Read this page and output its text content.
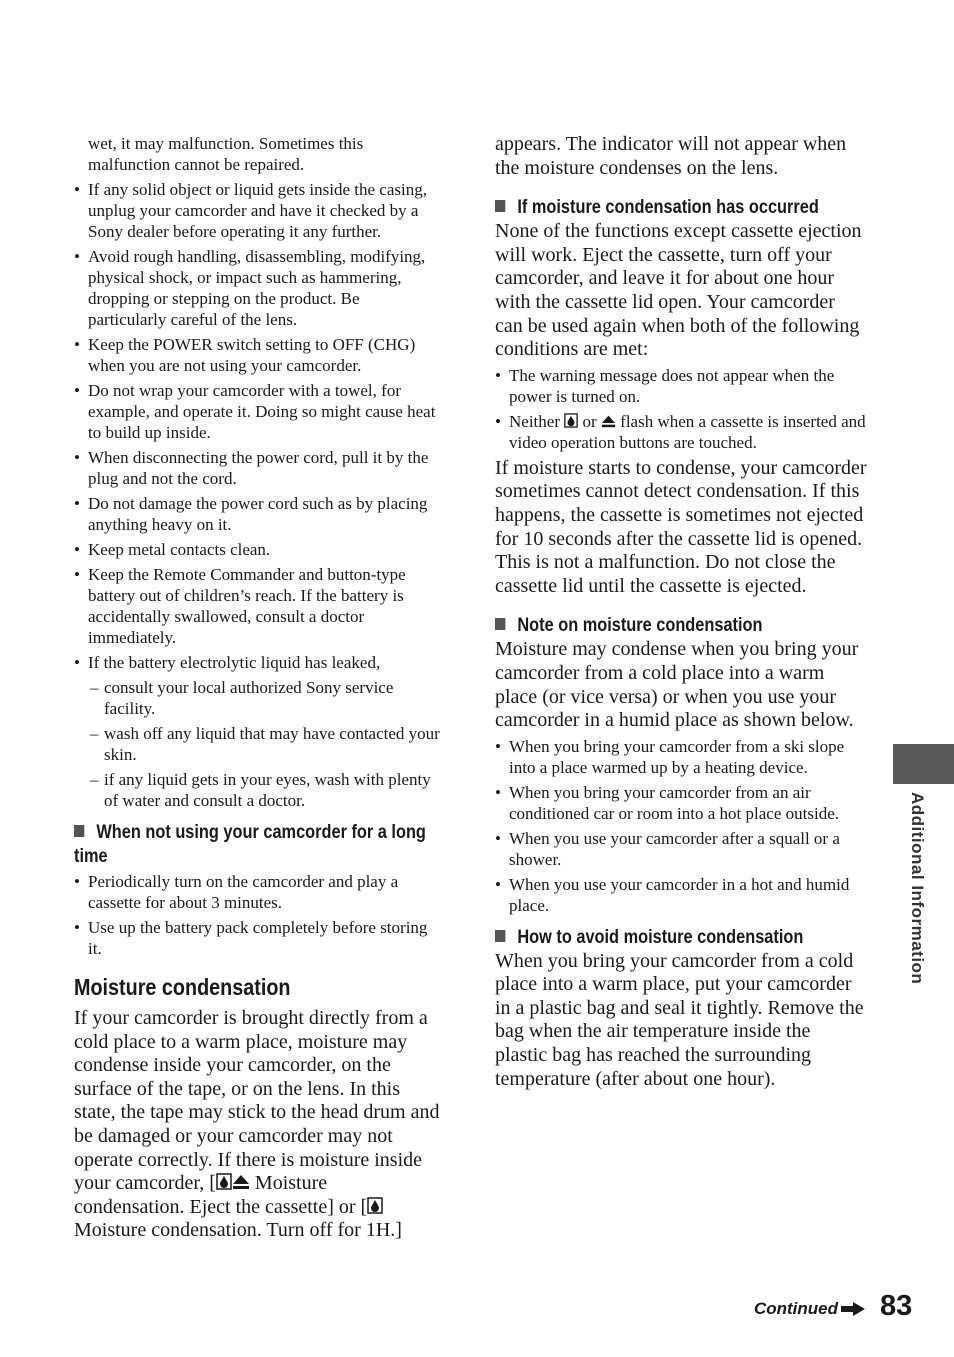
wet, it may malfunction. Sometimes this malfunction cannot be repaired.

• If any solid object or liquid gets inside the casing, unplug your camcorder and have it checked by a Sony dealer before operating it any further.
• Avoid rough handling, disassembling, modifying, physical shock, or impact such as hammering, dropping or stepping on the product. Be particularly careful of the lens.
• Keep the POWER switch setting to OFF (CHG) when you are not using your camcorder.
• Do not wrap your camcorder with a towel, for example, and operate it. Doing so might cause heat to build up inside.
• When disconnecting the power cord, pull it by the plug and not the cord.
• Do not damage the power cord such as by placing anything heavy on it.
• Keep metal contacts clean.
• Keep the Remote Commander and button-type battery out of children’s reach. If the battery is accidentally swallowed, consult a doctor immediately.
• If the battery electrolytic liquid has leaked,
– consult your local authorized Sony service facility.
– wash off any liquid that may have contacted your skin.
– if any liquid gets in your eyes, wash with plenty of water and consult a doctor.
When not using your camcorder for a long time
• Periodically turn on the camcorder and play a cassette for about 3 minutes.
• Use up the battery pack completely before storing it.
Moisture condensation

If your camcorder is brought directly from a cold place to a warm place, moisture may condense inside your camcorder, on the surface of the tape, or on the lens. In this state, the tape may stick to the head drum and be damaged or your camcorder may not operate correctly. If there is moisture inside your camcorder, [ Moisture condensation. Eject the cassette] or [ Moisture condensation. Turn off for 1H.]

appears. The indicator will not appear when the moisture condenses on the lens.

If moisture condensation has occurred

None of the functions except cassette ejection will work. Eject the cassette, turn off your camcorder, and leave it for about one hour with the cassette lid open. Your camcorder can be used again when both of the following conditions are met:

• The warning message does not appear when the power is turned on.
• Neither  or  flash when a cassette is inserted and video operation buttons are touched.

If moisture starts to condense, your camcorder sometimes cannot detect condensation. If this happens, the cassette is sometimes not ejected for 10 seconds after the cassette lid is opened. This is not a malfunction. Do not close the cassette lid until the cassette is ejected.

Note on moisture condensation

Moisture may condense when you bring your camcorder from a cold place into a warm place (or vice versa) or when you use your camcorder in a humid place as shown below.

• When you bring your camcorder from a ski slope into a place warmed up by a heating device.
• When you bring your camcorder from an air conditioned car or room into a hot place outside.
• When you use your camcorder after a squall or a shower.
• When you use your camcorder in a hot and humid place.
How to avoid moisture condensation

When you bring your camcorder from a cold place into a warm place, put your camcorder in a plastic bag and seal it tightly. Remove the bag when the air temperature inside the plastic bag has reached the surrounding temperature (after about one hour).

Additional Information
Continued 83
